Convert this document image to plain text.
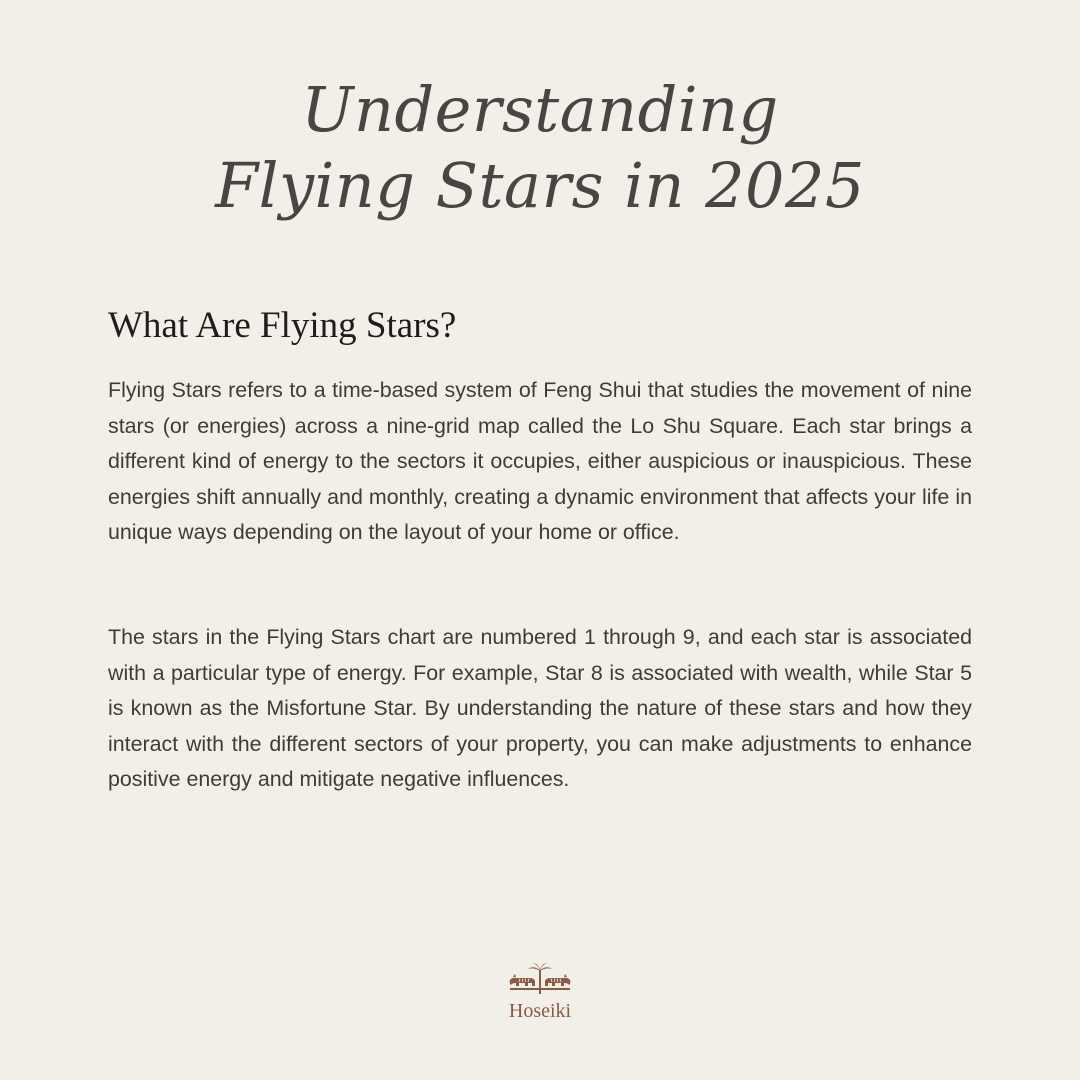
Understanding
Flying Stars in 2025
What Are Flying Stars?

Flying Stars refers to a time-based system of Feng Shui that studies the movement of nine stars (or energies) across a nine-grid map called the Lo Shu Square. Each star brings a different kind of energy to the sectors it occupies, either auspicious or inauspicious. These energies shift annually and monthly, creating a dynamic environment that affects your life in unique ways depending on the layout of your home or office.

The stars in the Flying Stars chart are numbered 1 through 9, and each star is associated with a particular type of energy. For example, Star 8 is associated with wealth, while Star 5 is known as the Misfortune Star. By understanding the nature of these stars and how they interact with the different sectors of your property, you can make adjustments to enhance positive energy and mitigate negative influences.

Hoseiki
